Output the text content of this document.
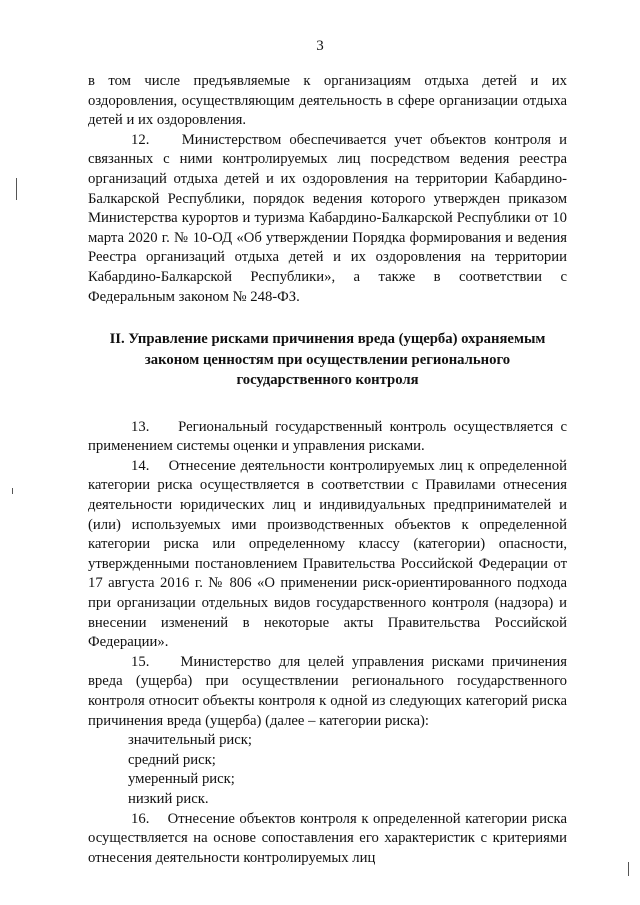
3

в том числе предъявляемые к организациям отдыха детей и их оздоровления, осуществляющим деятельность в сфере организации отдыха детей и их оздоровления.

12.    Министерством обеспечивается учет объектов контроля и связанных с ними контролируемых лиц посредством ведения реестра организаций отдыха детей и их оздоровления на территории Кабардино-Балкарской Республики, порядок ведения которого утвержден приказом Министерства курортов и туризма Кабардино-Балкарской Республики от 10 марта 2020 г. № 10-ОД «Об утверждении Порядка формирования и ведения Реестра организаций отдыха детей и их оздоровления на территории Кабардино-Балкарской Республики», а также в соответствии с Федеральным законом № 248-ФЗ.

II. Управление рисками причинения вреда (ущерба) охраняемым
законом ценностям при осуществлении регионального
государственного контроля

13.    Региональный государственный контроль осуществляется с применением системы оценки и управления рисками.

14.    Отнесение деятельности контролируемых лиц к определенной категории риска осуществляется в соответствии с Правилами отнесения деятельности юридических лиц и индивидуальных предпринимателей и (или) используемых ими производственных объектов к определенной категории риска или определенному классу (категории) опасности, утвержденными постановлением Правительства Российской Федерации от 17 августа 2016 г. № 806 «О применении риск-ориентированного подхода при организации отдельных видов государственного контроля (надзора) и внесении изменений в некоторые акты Правительства Российской Федерации».

15.    Министерство для целей управления рисками причинения вреда (ущерба) при осуществлении регионального государственного контроля относит объекты контроля к одной из следующих категорий риска причинения вреда (ущерба) (далее – категории риска):

значительный риск;

средний риск;

умеренный риск;

низкий риск.

16.    Отнесение объектов контроля к определенной категории риска осуществляется на основе сопоставления его характеристик с критериями отнесения деятельности контролируемых лиц
